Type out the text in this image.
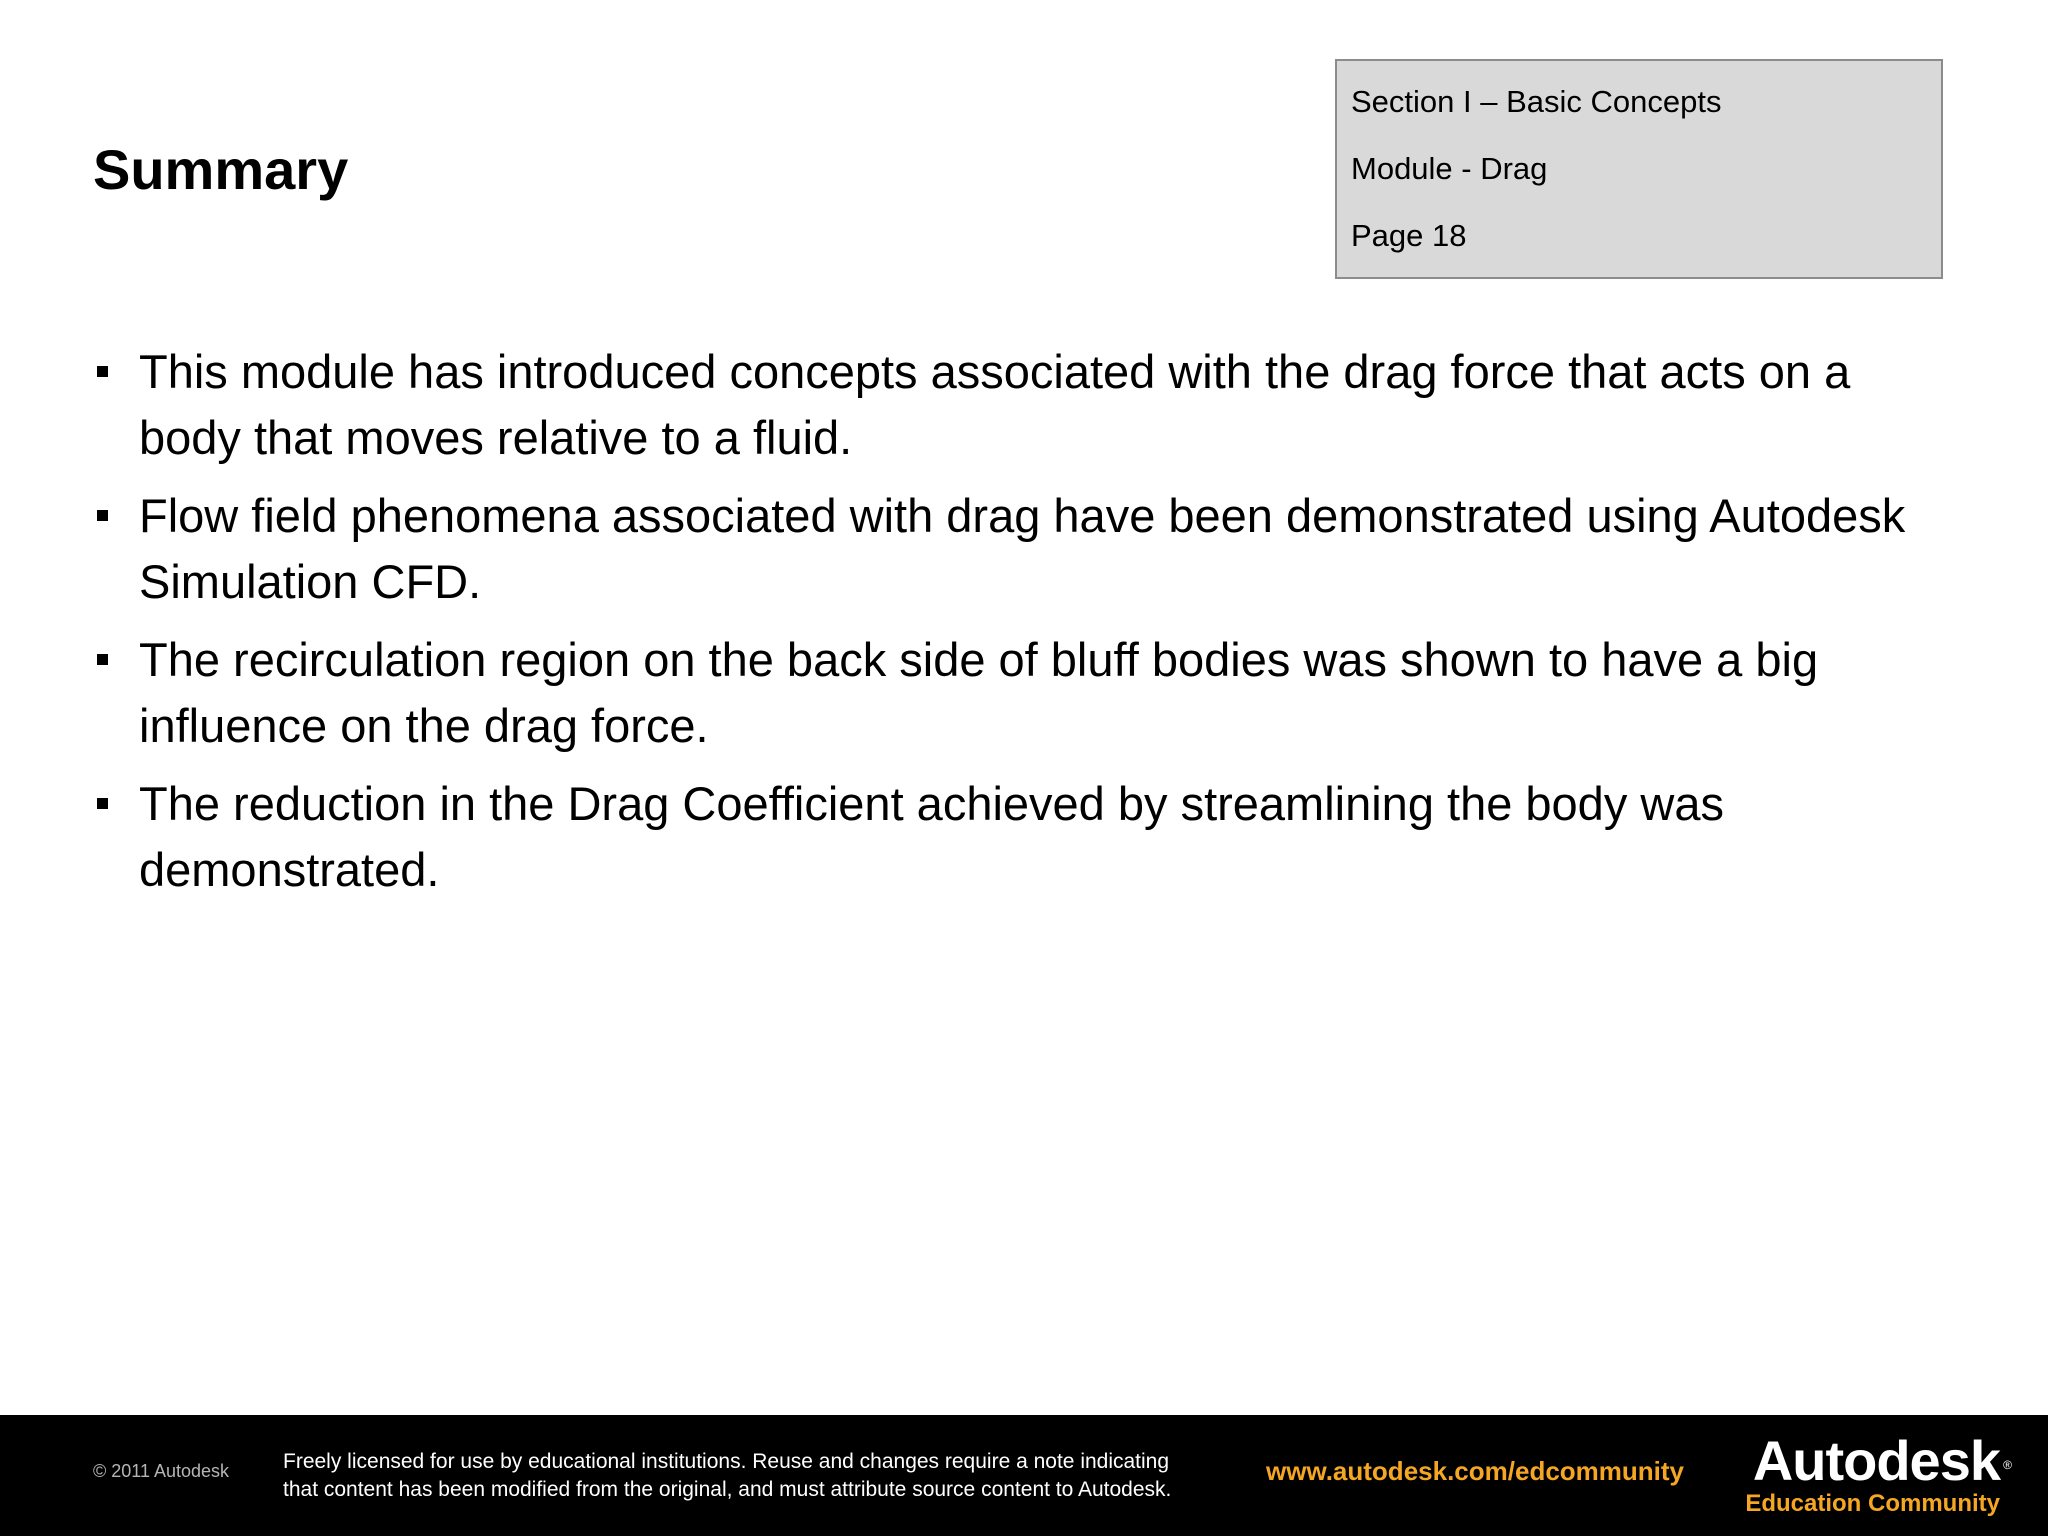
Summary
Section I – Basic Concepts
Module - Drag
Page 18
This module has introduced concepts associated with the drag force that acts on a body that moves relative to a fluid.
Flow field phenomena associated with drag have been demonstrated using Autodesk Simulation CFD.
The recirculation region on the back side of bluff bodies was shown to have a big influence on the drag force.
The reduction in the Drag Coefficient achieved by streamlining the body was demonstrated.
© 2011 Autodesk	Freely licensed for use by educational institutions. Reuse and changes require a note indicating
that content has been modified from the original, and must attribute source content to Autodesk.
www.autodesk.com/edcommunity Autodesk ®
Education Community
